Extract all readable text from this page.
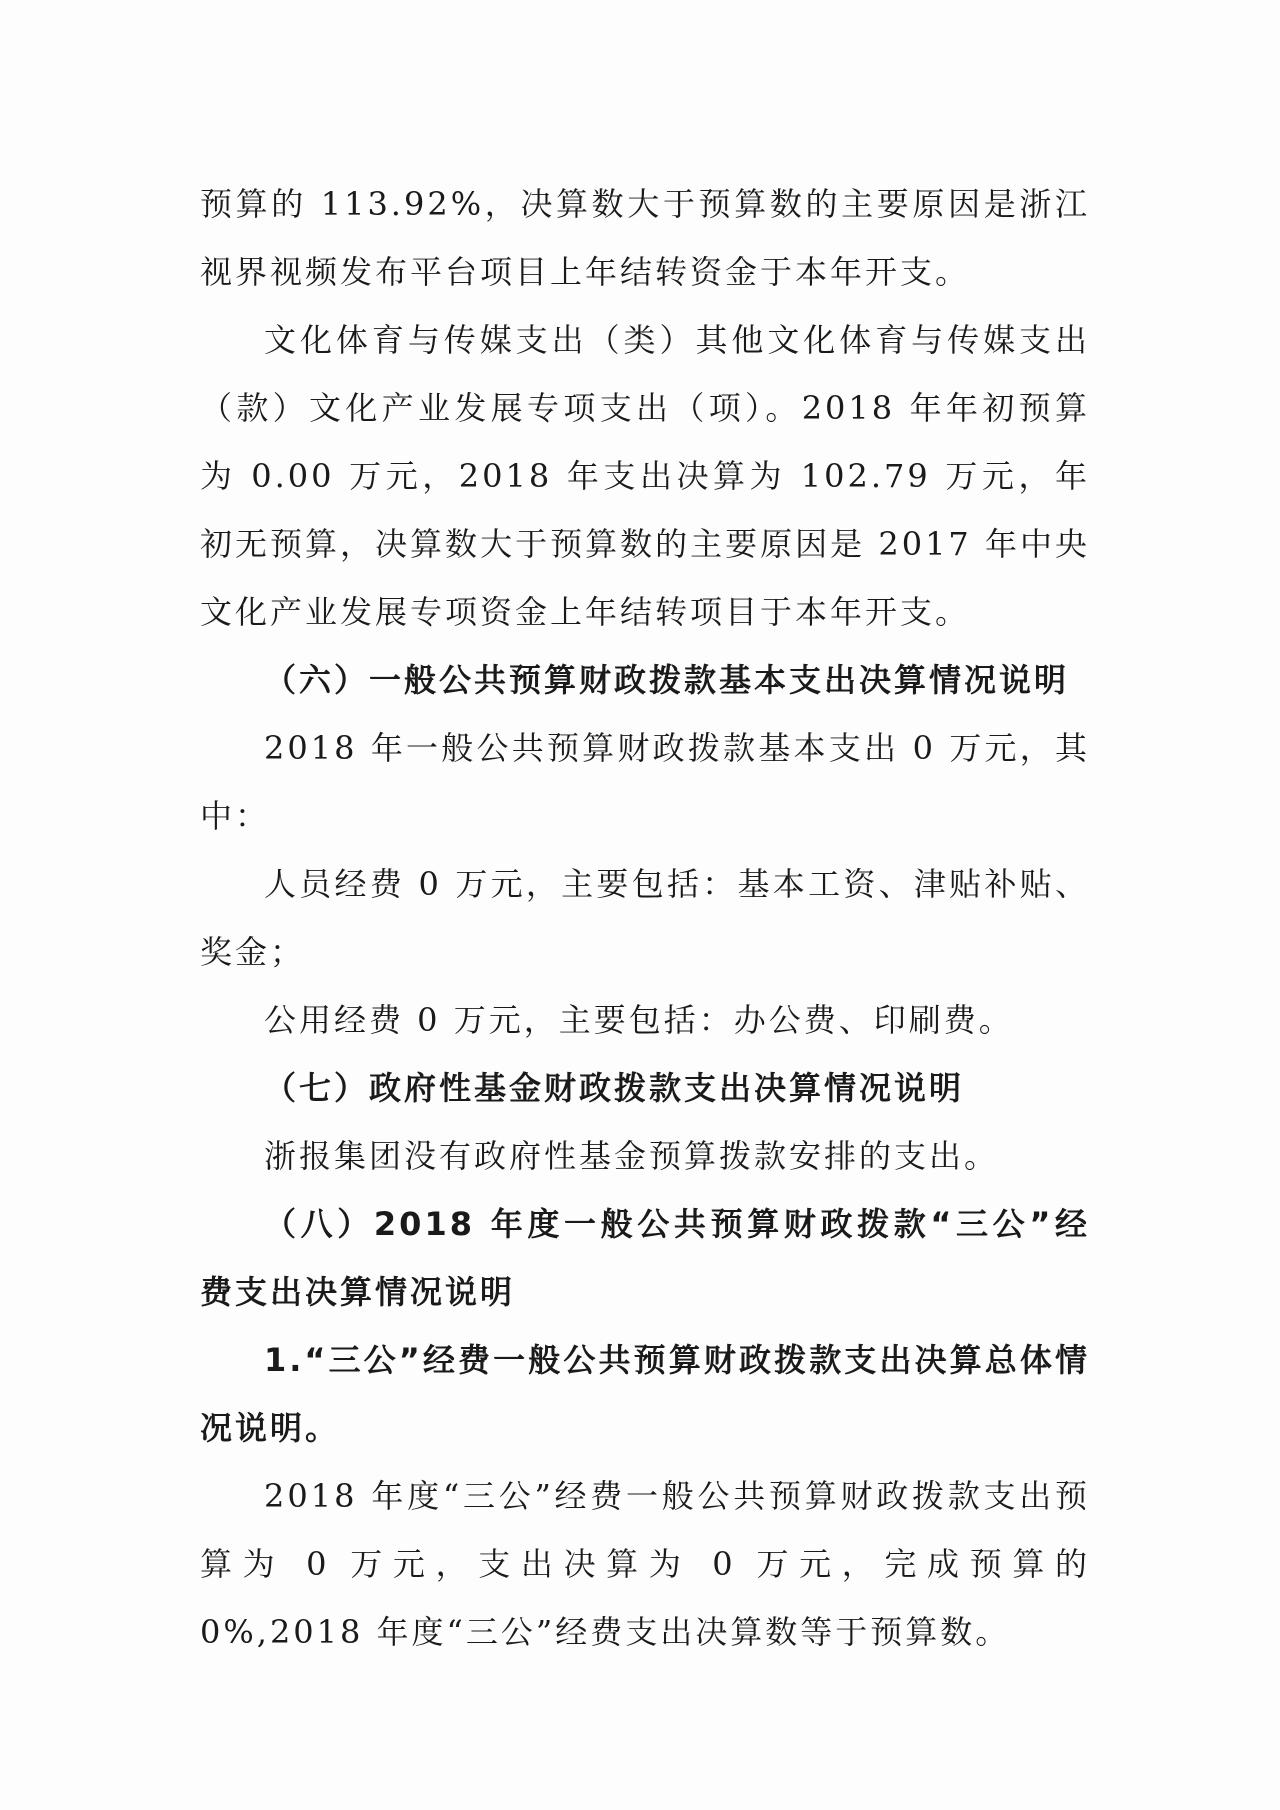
预算的 113.92%，决算数大于预算数的主要原因是浙江视界视频发布平台项目上年结转资金于本年开支。

文化体育与传媒支出（类）其他文化体育与传媒支出（款）文化产业发展专项支出（项）。2018 年年初预算为 0.00 万元，2018 年支出决算为 102.79 万元，年初无预算，决算数大于预算数的主要原因是 2017 年中央文化产业发展专项资金上年结转项目于本年开支。

（六）一般公共预算财政拨款基本支出决算情况说明

2018 年一般公共预算财政拨款基本支出 0 万元，其中：

人员经费 0 万元，主要包括：基本工资、津贴补贴、奖金；

公用经费 0 万元，主要包括：办公费、印刷费。

（七）政府性基金财政拨款支出决算情况说明

浙报集团没有政府性基金预算拨款安排的支出。

（八）2018 年度一般公共预算财政拨款“三公”经费支出决算情况说明

1.“三公”经费一般公共预算财政拨款支出决算总体情况说明。

2018 年度“三公”经费一般公共预算财政拨款支出预算为 0 万元，支出决算为 0 万元，完成预算的 0%,2018 年度“三公”经费支出决算数等于预算数。
